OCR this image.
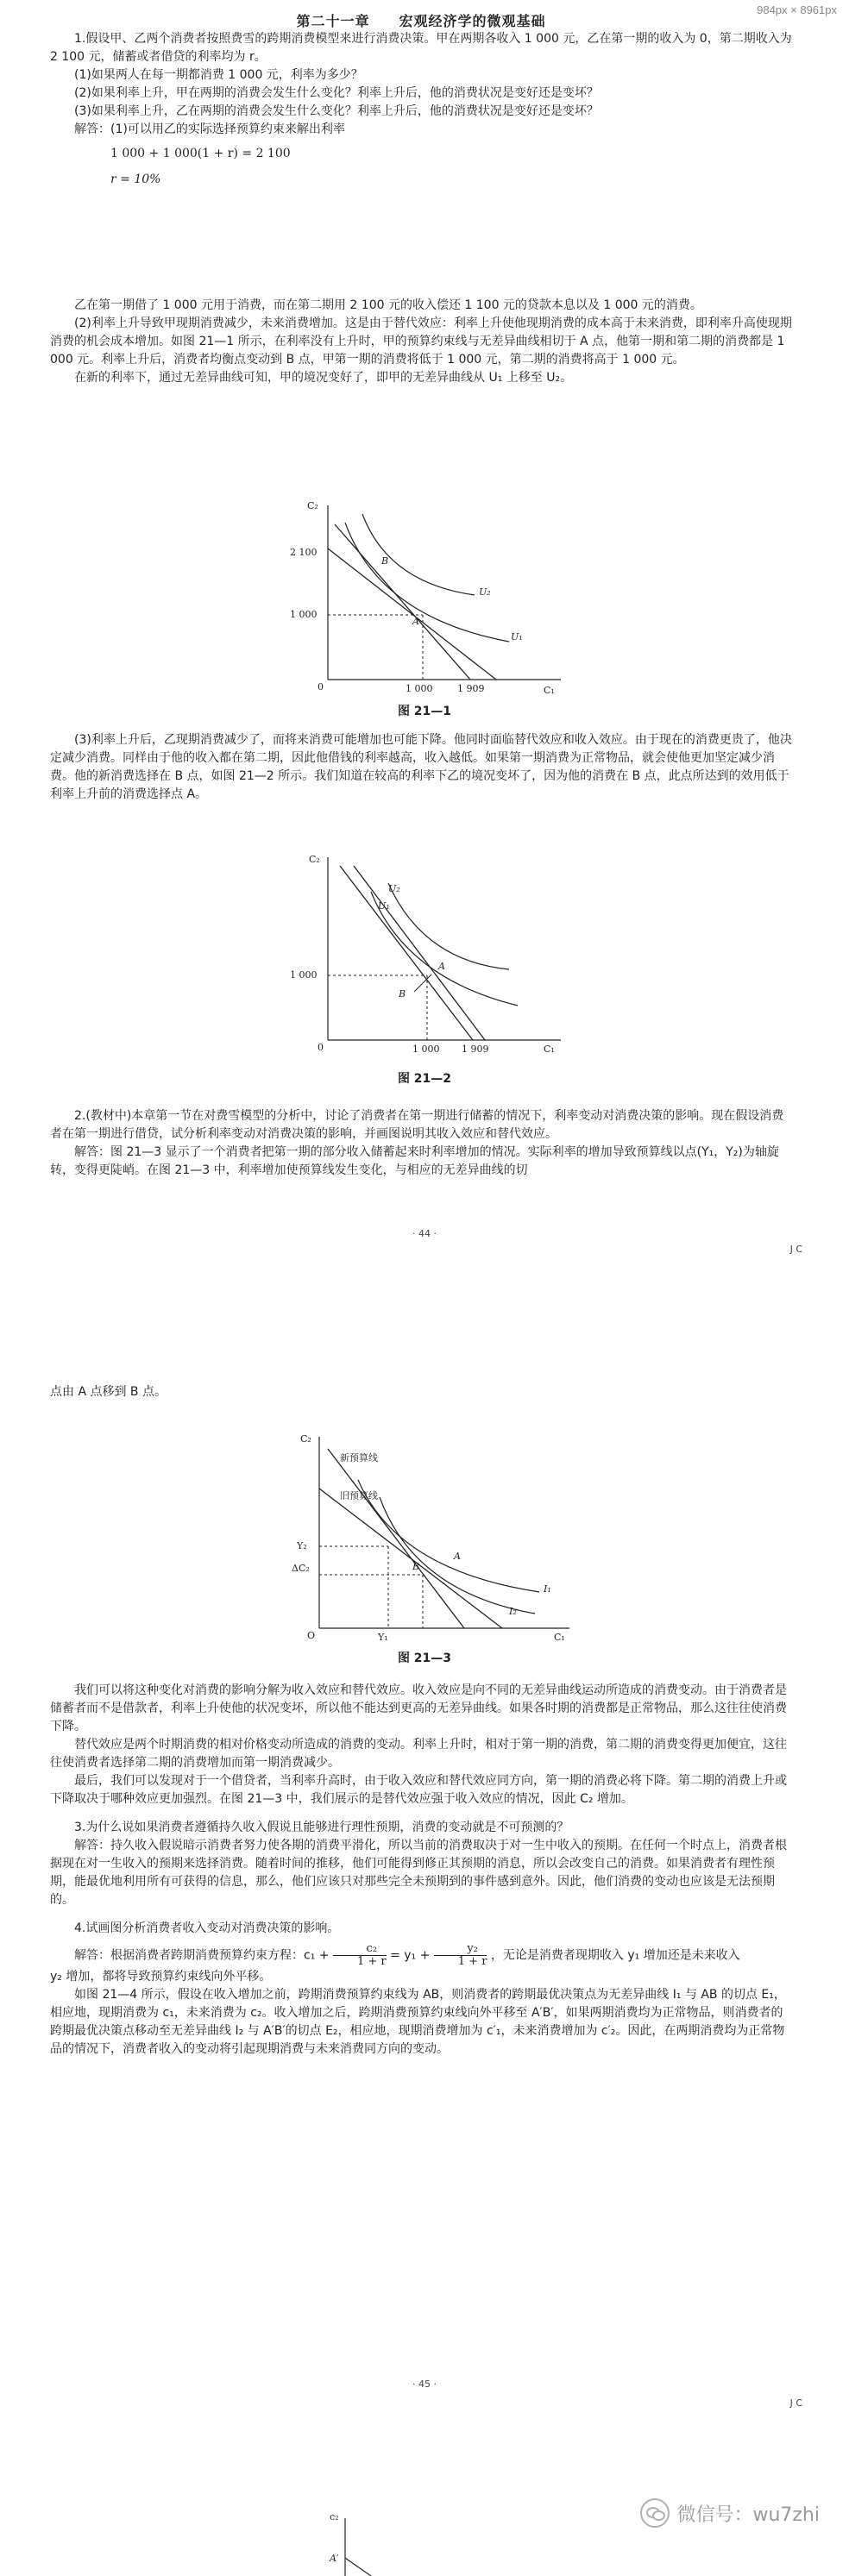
984px × 8961px

第二十一章　　宏观经济学的微观基础

1.假设甲、乙两个消费者按照费雪的跨期消费模型来进行消费决策。甲在两期各收入 1 000 元，乙在第一期的收入为 0，第二期收入为 2 100 元，储蓄或者借贷的利率均为 r。

(1)如果两人在每一期都消费 1 000 元，利率为多少？

(2)如果利率上升，甲在两期的消费会发生什么变化？利率上升后，他的消费状况是变好还是变坏？

(3)如果利率上升，乙在两期的消费会发生什么变化？利率上升后，他的消费状况是变好还是变坏？

解答：(1)可以用乙的实际选择预算约束来解出利率

1 000 + 1 000(1 + r) = 2 100
r = 10%

乙在第一期借了 1 000 元用于消费，而在第二期用 2 100 元的收入偿还 1 100 元的贷款本息以及 1 000 元的消费。

(2)利率上升导致甲现期消费减少，未来消费增加。这是由于替代效应：利率上升使他现期消费的成本高于未来消费，即利率升高使现期消费的机会成本增加。如图 21—1 所示，在利率没有上升时，甲的预算约束线与无差异曲线相切于 A 点，他第一期和第二期的消费都是 1 000 元。利率上升后，消费者均衡点变动到 B 点，甲第一期的消费将低于 1 000 元，第二期的消费将高于 1 000 元。

在新的利率下，通过无差异曲线可知，甲的境况变好了，即甲的无差异曲线从 U₁ 上移至 U₂。

C₂
C₁
0
2 100
1 000
1 000	1 909
U₂
U₁
A
B
图 21—1

(3)利率上升后，乙现期消费减少了，而将来消费可能增加也可能下降。他同时面临替代效应和收入效应。由于现在的消费更贵了，他决定减少消费。同样由于他的收入都在第二期，因此他借钱的利率越高，收入越低。如果第一期消费为正常物品，就会使他更加坚定减少消费。他的新消费选择在 B 点，如图 21—2 所示。我们知道在较高的利率下乙的境况变坏了，因为他的消费在 B 点，此点所达到的效用低于利率上升前的消费选择点 A。

C₂
C₁
0
1 000
1 000 1 909
U₂
U₁
A
B
图 21—2

2.(教材中)本章第一节在对费雪模型的分析中，讨论了消费者在第一期进行储蓄的情况下，利率变动对消费决策的影响。现在假设消费者在第一期进行借贷，试分析利率变动对消费决策的影响，并画图说明其收入效应和替代效应。

解答：图 21—3 显示了一个消费者把第一期的部分收入储蓄起来时利率增加的情况。实际利率的增加导致预算线以点(Y₁，Y₂)为轴旋转，变得更陡峭。在图 21—3 中，利率增加使预算线发生变化，与相应的无差异曲线的切

· 44 ·
J C

点由 A 点移到 B 点。

C₂
C₁
O
新预算线
旧预算线
Y₂
ΔC₂
Y₁
I₁
I₂
A
B
图 21—3

我们可以将这种变化对消费的影响分解为收入效应和替代效应。收入效应是向不同的无差异曲线运动所造成的消费变动。由于消费者是储蓄者而不是借款者，利率上升使他的状况变坏，所以他不能达到更高的无差异曲线。如果各时期的消费都是正常物品，那么这往往使消费下降。

替代效应是两个时期消费的相对价格变动所造成的消费的变动。利率上升时，相对于第一期的消费，第二期的消费变得更加便宜，这往往使消费者选择第二期的消费增加而第一期消费减少。

最后，我们可以发现对于一个借贷者，当利率升高时，由于收入效应和替代效应同方向，第一期的消费必将下降。第二期的消费上升或下降取决于哪种效应更加强烈。在图 21—3 中，我们展示的是替代效应强于收入效应的情况，因此 C₂ 增加。

3.为什么说如果消费者遵循持久收入假说且能够进行理性预期，消费的变动就是不可预测的？

解答：持久收入假说暗示消费者努力使各期的消费平滑化，所以当前的消费取决于对一生中收入的预期。在任何一个时点上，消费者根据现在对一生收入的预期来选择消费。随着时间的推移，他们可能得到修正其预期的消息，所以会改变自己的消费。如果消费者有理性预期，能最优地利用所有可获得的信息，那么，他们应该只对那些完全未预期到的事件感到意外。因此，他们消费的变动也应该是无法预期的。

4.试画图分析消费者收入变动对消费决策的影响。

解答：根据消费者跨期消费预算约束方程：$c_1 + \frac{\text{c₂}}{1 + r} = y_1 + \frac{\text{y₂}}{1 + r}$ ，无论是消费者现期收入 y₁ 增加还是未来收入

y₂ 增加，都将导致预算约束线向外平移。

如图 21—4 所示，假设在收入增加之前，跨期消费预算约束线为 AB，则消费者的跨期最优决策点为无差异曲线 I₁ 与 AB 的切点 E₁，相应地，现期消费为 c₁，未来消费为 c₂。收入增加之后，跨期消费预算约束线向外平移至 A′B′，如果两期消费均为正常物品，则消费者的跨期最优决策点移动至无差异曲线 I₂ 与 A′B′的切点 E₂，相应地，现期消费增加为 c′₁，未来消费增加为 c′₂。因此，在两期消费均为正常物品的情况下，消费者收入的变动将引起现期消费与未来消费同方向的变动。

· 45 ·
J C
c₂
A′
微信号：wu7zhi
